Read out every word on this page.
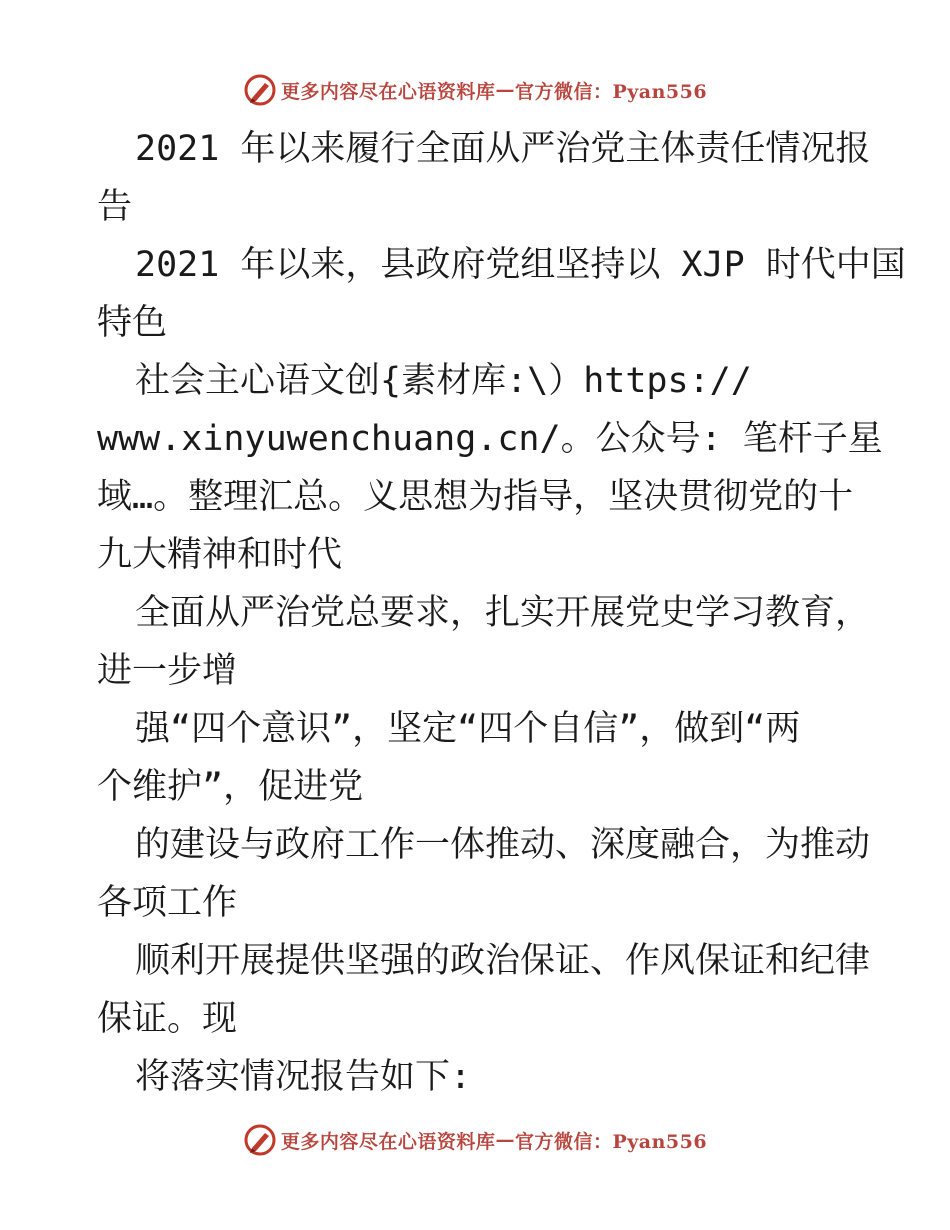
更多内容尽在心语资料库 — 官方微信：Pyan556
2021 年以来履行全面从严治党主体责任情况报
告
2021 年以来，县政府党组坚持以 XJP 时代中国
特色
社会主心语文创{素材库:\）https://
www.xinyuwenchuang.cn/。公众号: 笔杆子星
域…。整理汇总。义思想为指导，坚决贯彻党的十
九大精神和时代
全面从严治党总要求，扎实开展党史学习教育，
进一步增
强“四个意识”，坚定“四个自信”，做到“两
个维护”，促进党
的建设与政府工作一体推动、深度融合，为推动
各项工作
顺利开展提供坚强的政治保证、作风保证和纪律
保证。现
将落实情况报告如下:
更多内容尽在心语资料库 — 官方微信：Pyan556
